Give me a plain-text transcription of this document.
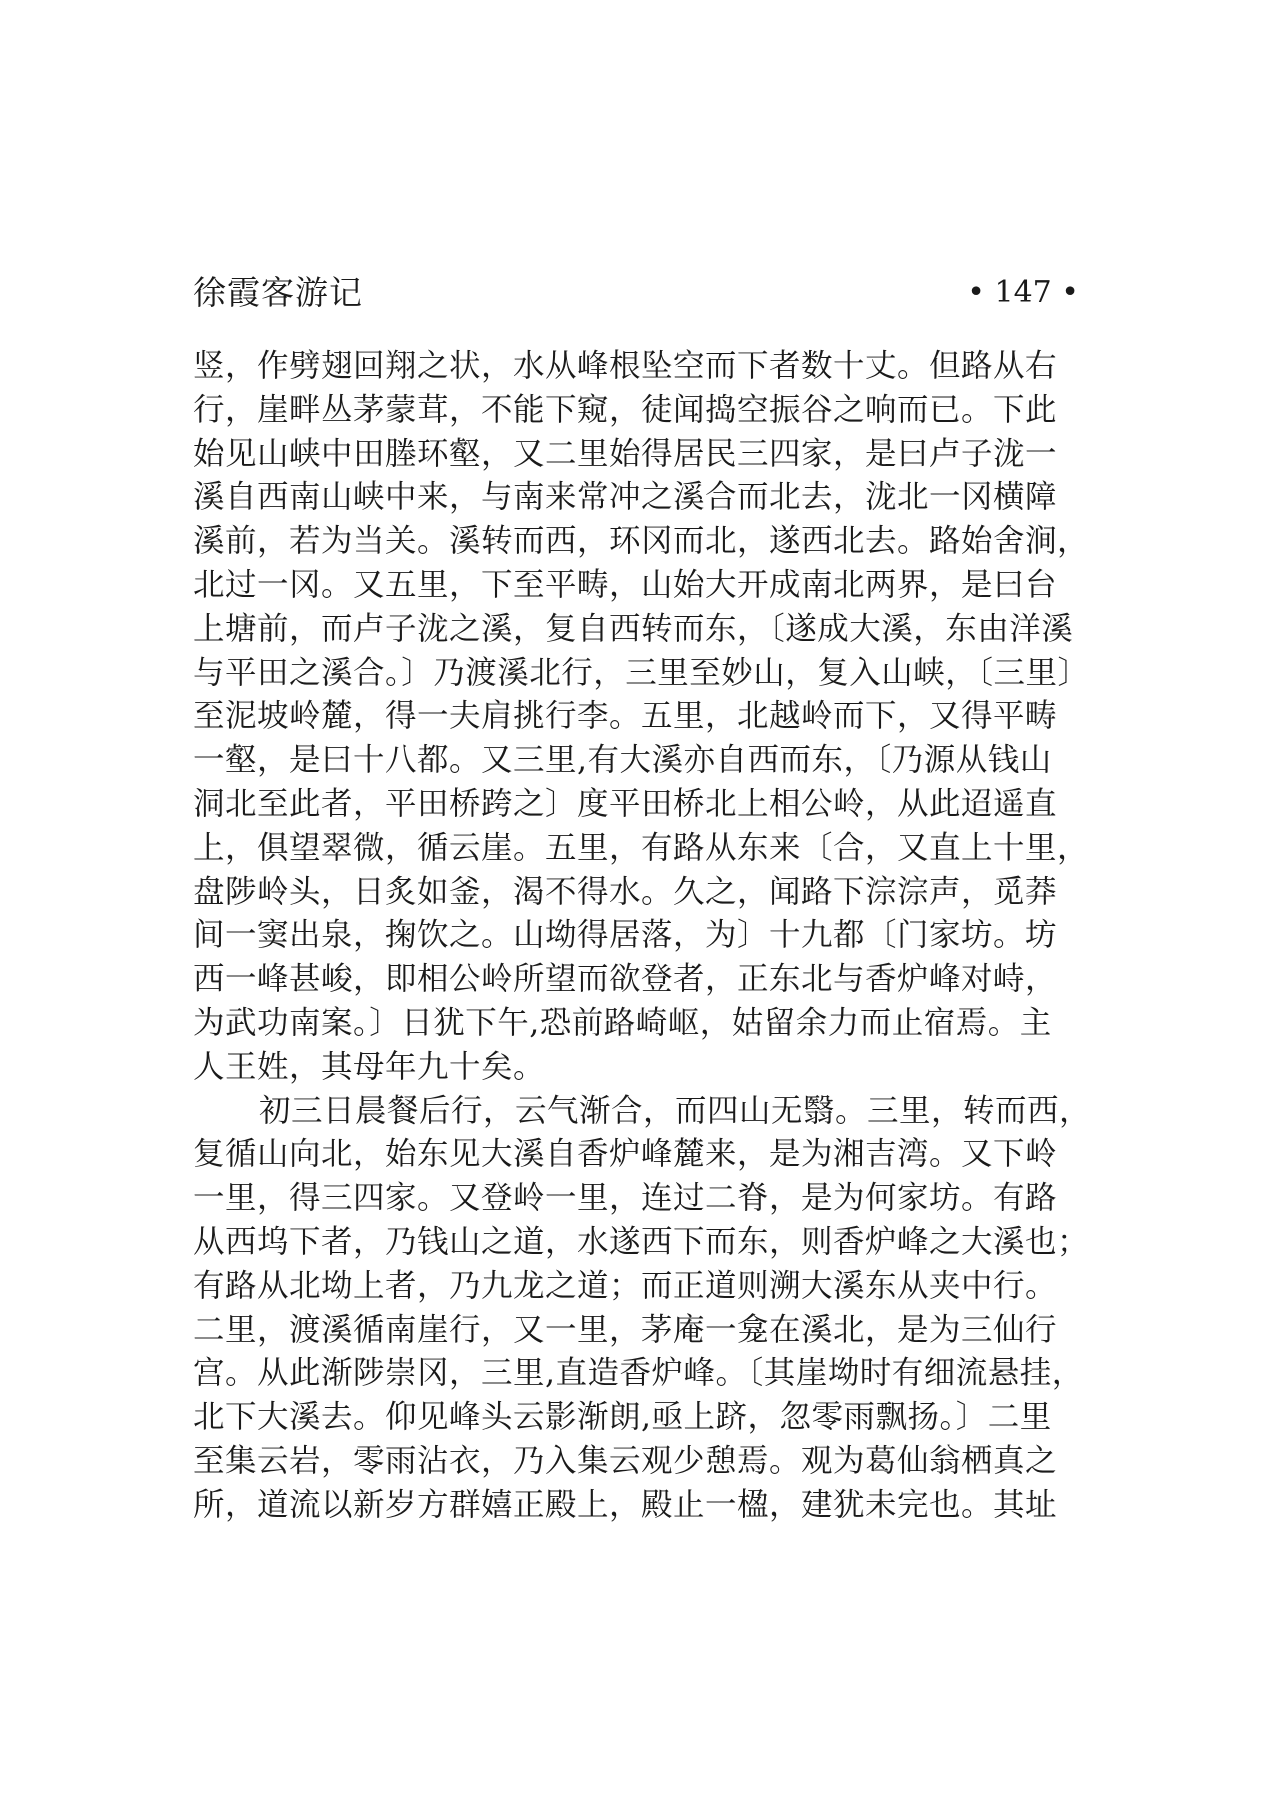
徐霞客游记	• 147 •
竖，作劈翅回翔之状，水从峰根坠空而下者数十丈。但路从右
行，崖畔丛茅蒙茸，不能下窥，徒闻捣空振谷之响而已。下此
始见山峡中田塍环壑，又二里始得居民三四家，是曰卢子泷一
溪自西南山峡中来，与南来常冲之溪合而北去，泷北一冈横障
溪前，若为当关。溪转而西，环冈而北，遂西北去。路始舍涧，
北过一冈。又五里，下至平畴，山始大开成南北两界，是曰台
上塘前，而卢子泷之溪，复自西转而东，〔遂成大溪，东由洋溪
与平田之溪合。〕乃渡溪北行，三里至妙山，复入山峡，〔三里〕
至泥坡岭麓，得一夫肩挑行李。五里，北越岭而下，又得平畴
一壑，是曰十八都。又三里,有大溪亦自西而东，〔乃源从钱山
洞北至此者，平田桥跨之〕度平田桥北上相公岭，从此迢遥直
上，俱望翠微，循云崖。五里，有路从东来〔合，又直上十里，
盘陟岭头，日炙如釜，渴不得水。久之，闻路下淙淙声，觅莽
间一窦出泉，掬饮之。山坳得居落，为〕十九都〔门家坊。坊
西一峰甚峻，即相公岭所望而欲登者，正东北与香炉峰对峙，
为武功南案。〕日犹下午,恐前路崎岖，姑留余力而止宿焉。主
人王姓，其母年九十矣。
初三日晨餐后行，云气渐合，而四山无翳。三里，转而西，
复循山向北，始东见大溪自香炉峰麓来，是为湘吉湾。又下岭
一里，得三四家。又登岭一里，连过二脊，是为何家坊。有路
从西坞下者，乃钱山之道，水遂西下而东，则香炉峰之大溪也；
有路从北坳上者，乃九龙之道；而正道则溯大溪东从夹中行。
二里，渡溪循南崖行，又一里，茅庵一龛在溪北，是为三仙行
宫。从此渐陟崇冈，三里,直造香炉峰。〔其崖坳时有细流悬挂，
北下大溪去。仰见峰头云影渐朗,亟上跻，忽零雨飘扬。〕二里
至集云岩，零雨沾衣，乃入集云观少憩焉。观为葛仙翁栖真之
所，道流以新岁方群嬉正殿上，殿止一楹，建犹未完也。其址
